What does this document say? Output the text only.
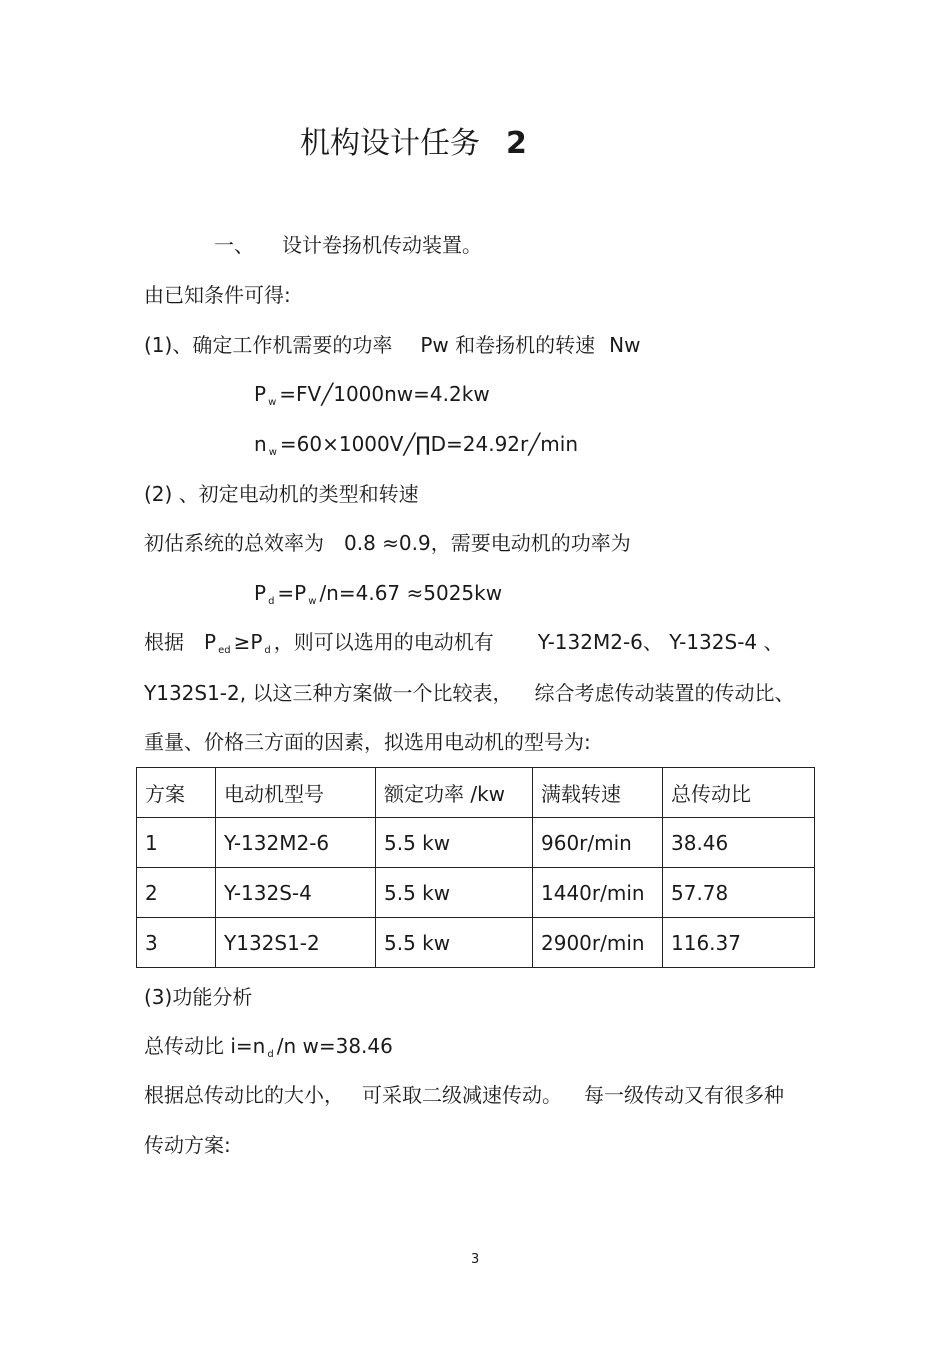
机构设计任务 2
一、 设计卷扬机传动装置。
由已知条件可得:
(1)、确定工作机需要的功率 Pw 和卷扬机的转速 Nw
P $_w$ =FV╱1000nw=4.2kw
n $_w$ =60×1000V╱∏D=24.92r╱min
(2) 、初定电动机的类型和转速
初估系统的总效率为 0.8 ≈0.9，需要电动机的功率为
P $_d$ =P $_w$ /n=4.67 ≈5025kw
根据 P $_{ed}$ ≥P $_d$ ，则可以选用的电动机有 Y-132M2-6、 Y-132S-4 、
Y132S1-2, 以这三种方案做一个比较表， 综合考虑传动装置的传动比、
重量、价格三方面的因素，拟选用电动机的型号为:
方案	电动机型号	额定功率 /kw	满载转速	总传动比
1	Y-132M2-6	5.5 kw	960r/min	38.46
2	Y-132S-4	5.5 kw	1440r/min	57.78
3	Y132S1-2	5.5 kw	2900r/min	116.37
(3)功能分析
总传动比 i=n $_d$ /n w=38.46
根据总传动比的大小， 可采取二级减速传动。 每一级传动又有很多种
传动方案:
3
